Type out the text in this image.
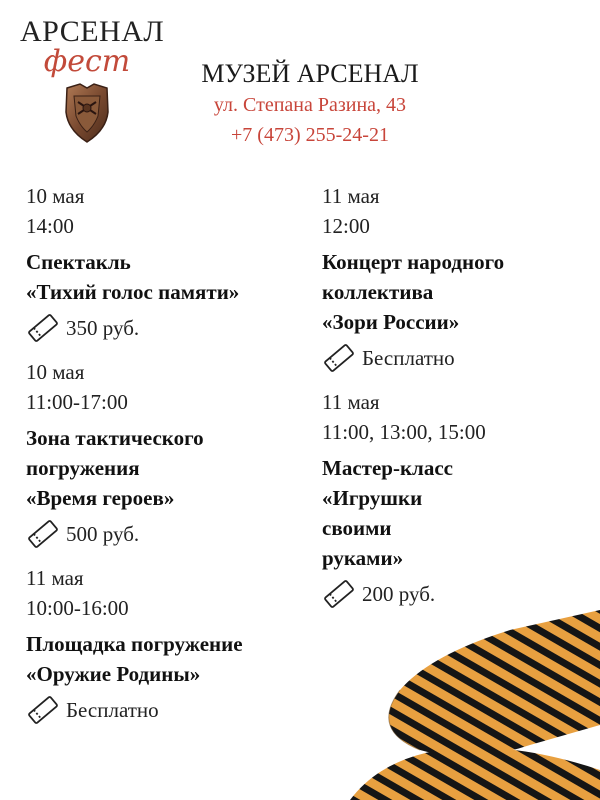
АРСЕНАЛ
фест	МУЗЕЙ АРСЕНАЛ
ул. Степана Разина, 43
+7 (473) 255-24-21
10 мая
14:00
Спектакль
«Тихий голос памяти»
350 руб.
10 мая
11:00-17:00
Зона тактического
погружения
«Время героев»
500 руб.
11 мая
10:00-16:00
Площадка погружение
«Оружие Родины»
Бесплатно
11 мая
12:00
Концерт народного
коллектива
«Зори России»
Бесплатно
11 мая
11:00, 13:00, 15:00
Мастер-класс
«Игрушки
своими
руками»
200 руб.
